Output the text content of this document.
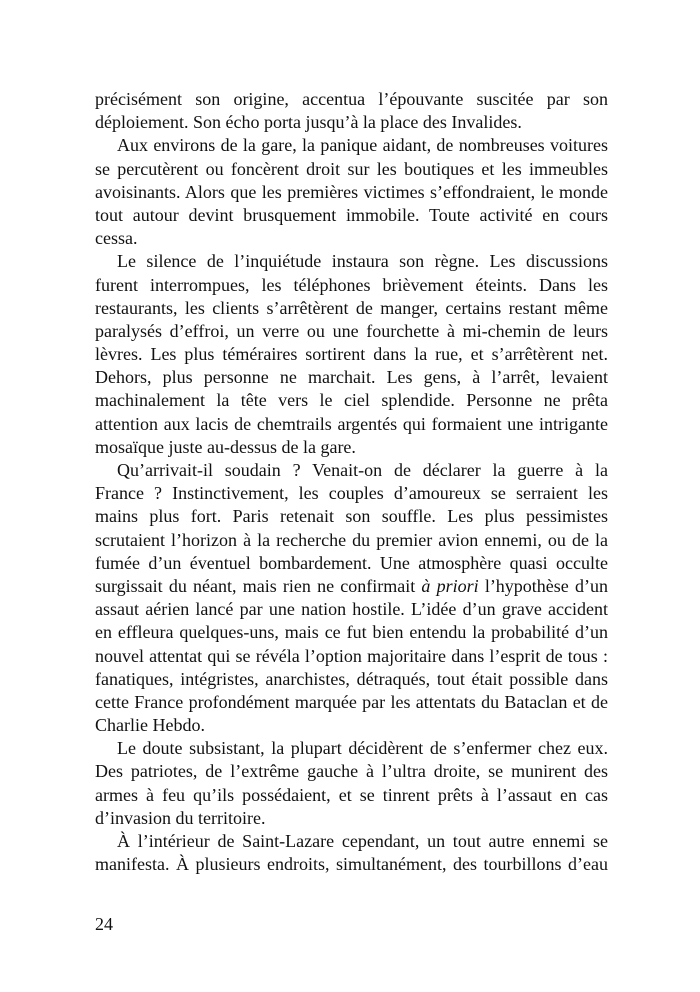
précisément son origine, accentua l’épouvante suscitée par son
déploiement. Son écho porta jusqu’à la place des Invalides.
Aux environs de la gare, la panique aidant, de nombreuses voitures
se percutèrent ou foncèrent droit sur les boutiques et les immeubles
avoisinants. Alors que les premières victimes s’effondraient, le monde
tout autour devint brusquement immobile. Toute activité en cours
cessa.
Le silence de l’inquiétude instaura son règne. Les discussions
furent interrompues, les téléphones brièvement éteints. Dans les
restaurants, les clients s’arrêtèrent de manger, certains restant même
paralysés d’effroi, un verre ou une fourchette à mi-chemin de leurs
lèvres. Les plus téméraires sortirent dans la rue, et s’arrêtèrent net.
Dehors, plus personne ne marchait. Les gens, à l’arrêt, levaient
machinalement la tête vers le ciel splendide. Personne ne prêta
attention aux lacis de chemtrails argentés qui formaient une intrigante
mosaïque juste au-dessus de la gare.
Qu’arrivait-il soudain ? Venait-on de déclarer la guerre à la
France ? Instinctivement, les couples d’amoureux se serraient les
mains plus fort. Paris retenait son souffle. Les plus pessimistes
scrutaient l’horizon à la recherche du premier avion ennemi, ou de la
fumée d’un éventuel bombardement. Une atmosphère quasi occulte
surgissait du néant, mais rien ne confirmait à priori l’hypothèse d’un
assaut aérien lancé par une nation hostile. L’idée d’un grave accident
en effleura quelques-uns, mais ce fut bien entendu la probabilité d’un
nouvel attentat qui se révéla l’option majoritaire dans l’esprit de tous :
fanatiques, intégristes, anarchistes, détraqués, tout était possible dans
cette France profondément marquée par les attentats du Bataclan et de
Charlie Hebdo.
Le doute subsistant, la plupart décidèrent de s’enfermer chez eux.
Des patriotes, de l’extrême gauche à l’ultra droite, se munirent des
armes à feu qu’ils possédaient, et se tinrent prêts à l’assaut en cas
d’invasion du territoire.
À l’intérieur de Saint-Lazare cependant, un tout autre ennemi se
manifesta. À plusieurs endroits, simultanément, des tourbillons d’eau
24
